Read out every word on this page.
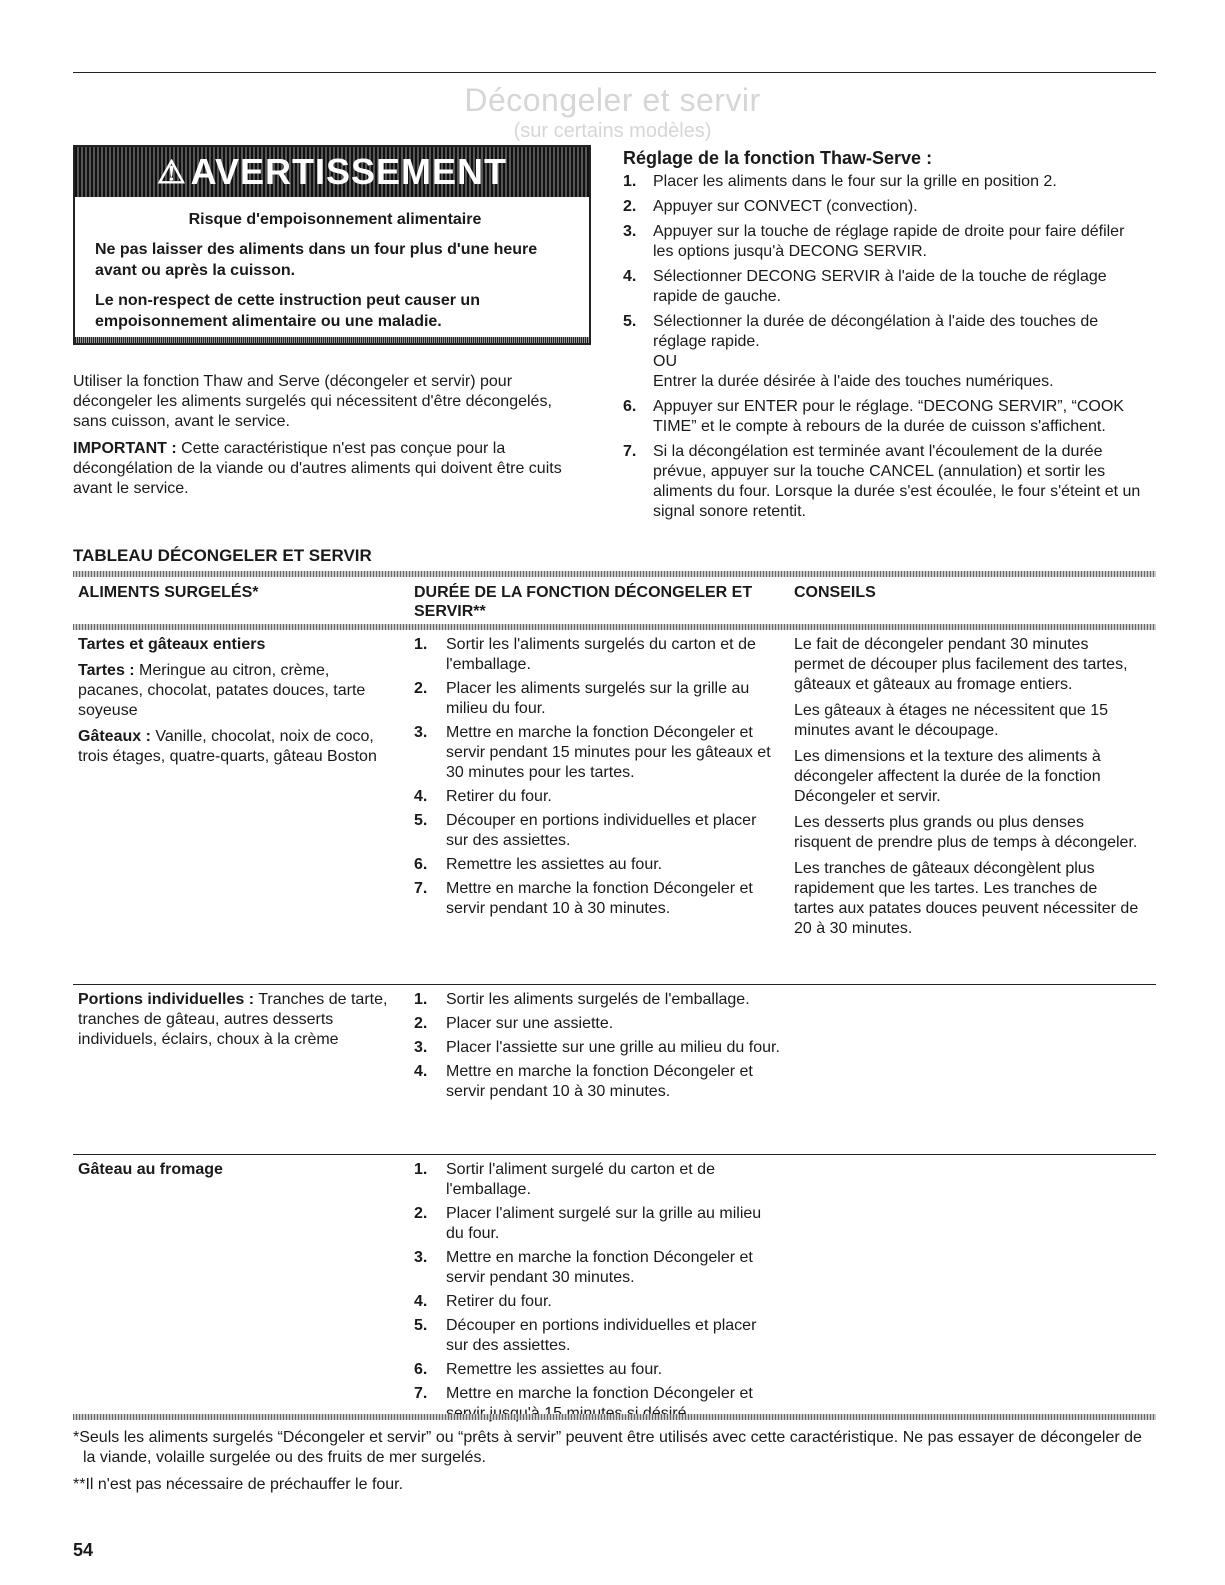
Décongeler et servir
(sur certains modèles)
⚠ AVERTISSEMENT
Risque d'empoisonnement alimentaire

Ne pas laisser des aliments dans un four plus d'une heure avant ou après la cuisson.

Le non-respect de cette instruction peut causer un empoisonnement alimentaire ou une maladie.

Utiliser la fonction Thaw and Serve (décongeler et servir) pour décongeler les aliments surgelés qui nécessitent d'être décongelés, sans cuisson, avant le service.

IMPORTANT : Cette caractéristique n'est pas conçue pour la décongélation de la viande ou d'autres aliments qui doivent être cuits avant le service.

Réglage de la fonction Thaw-Serve :
1. Placer les aliments dans le four sur la grille en position 2.
2. Appuyer sur CONVECT (convection).
3. Appuyer sur la touche de réglage rapide de droite pour faire défiler les options jusqu'à DECONG SERVIR.
4. Sélectionner DECONG SERVIR à l'aide de la touche de réglage rapide de gauche.
5. Sélectionner la durée de décongélation à l'aide des touches de réglage rapide.
OU
Entrer la durée désirée à l'aide des touches numériques.
6. Appuyer sur ENTER pour le réglage. “DECONG SERVIR”, “COOK TIME” et le compte à rebours de la durée de cuisson s'affichent.
7. Si la décongélation est terminée avant l'écoulement de la durée prévue, appuyer sur la touche CANCEL (annulation) et sortir les aliments du four. Lorsque la durée s'est écoulée, le four s'éteint et un signal sonore retentit.
TABLEAU DÉCONGELER ET SERVIR
ALIMENTS SURGELÉS*	DURÉE DE LA FONCTION DÉCONGELER ET SERVIR**
CONSEILS

Tartes et gâteaux entiers

Tartes : Meringue au citron, crème, pacanes, chocolat, patates douces, tarte soyeuse

Gâteaux : Vanille, chocolat, noix de coco, trois étages, quatre-quarts, gâteau Boston

1. Sortir les l'aliments surgelés du carton et de l'emballage.
2. Placer les aliments surgelés sur la grille au milieu du four.
3. Mettre en marche la fonction Décongeler et servir pendant 15 minutes pour les gâteaux et 30 minutes pour les tartes.
4. Retirer du four.
5. Découper en portions individuelles et placer sur des assiettes.
6. Remettre les assiettes au four.
7. Mettre en marche la fonction Décongeler et servir pendant 10 à 30 minutes.

Le fait de décongeler pendant 30 minutes permet de découper plus facilement des tartes, gâteaux et gâteaux au fromage entiers.

Les gâteaux à étages ne nécessitent que 15 minutes avant le découpage.

Les dimensions et la texture des aliments à décongeler affectent la durée de la fonction Décongeler et servir.

Les desserts plus grands ou plus denses risquent de prendre plus de temps à décongeler.

Les tranches de gâteaux décongèlent plus rapidement que les tartes. Les tranches de tartes aux patates douces peuvent nécessiter de 20 à 30 minutes.

Portions individuelles : Tranches de tarte, tranches de gâteau, autres desserts individuels, éclairs, choux à la crème

1. Sortir les aliments surgelés de l'emballage.
2. Placer sur une assiette.
3. Placer l'assiette sur une grille au milieu du four.
4. Mettre en marche la fonction Décongeler et servir pendant 10 à 30 minutes.

Gâteau au fromage	1. Sortir l'aliment surgelé du carton et de l'emballage.
2. Placer l'aliment surgelé sur la grille au milieu du four.
3. Mettre en marche la fonction Décongeler et servir pendant 30 minutes.
4. Retirer du four.
5. Découper en portions individuelles et placer sur des assiettes.
6. Remettre les assiettes au four.
7. Mettre en marche la fonction Décongeler et

*Seuls les aliments surgelés “Décongeler et servir” ou “prêts à servir” peuvent être utilisés avec cette caractéristique. Ne pas essayer de décongeler de la viande, volaille surgelée ou des fruits de mer surgelés.

**Il n'est pas nécessaire de préchauffer le four.

54
